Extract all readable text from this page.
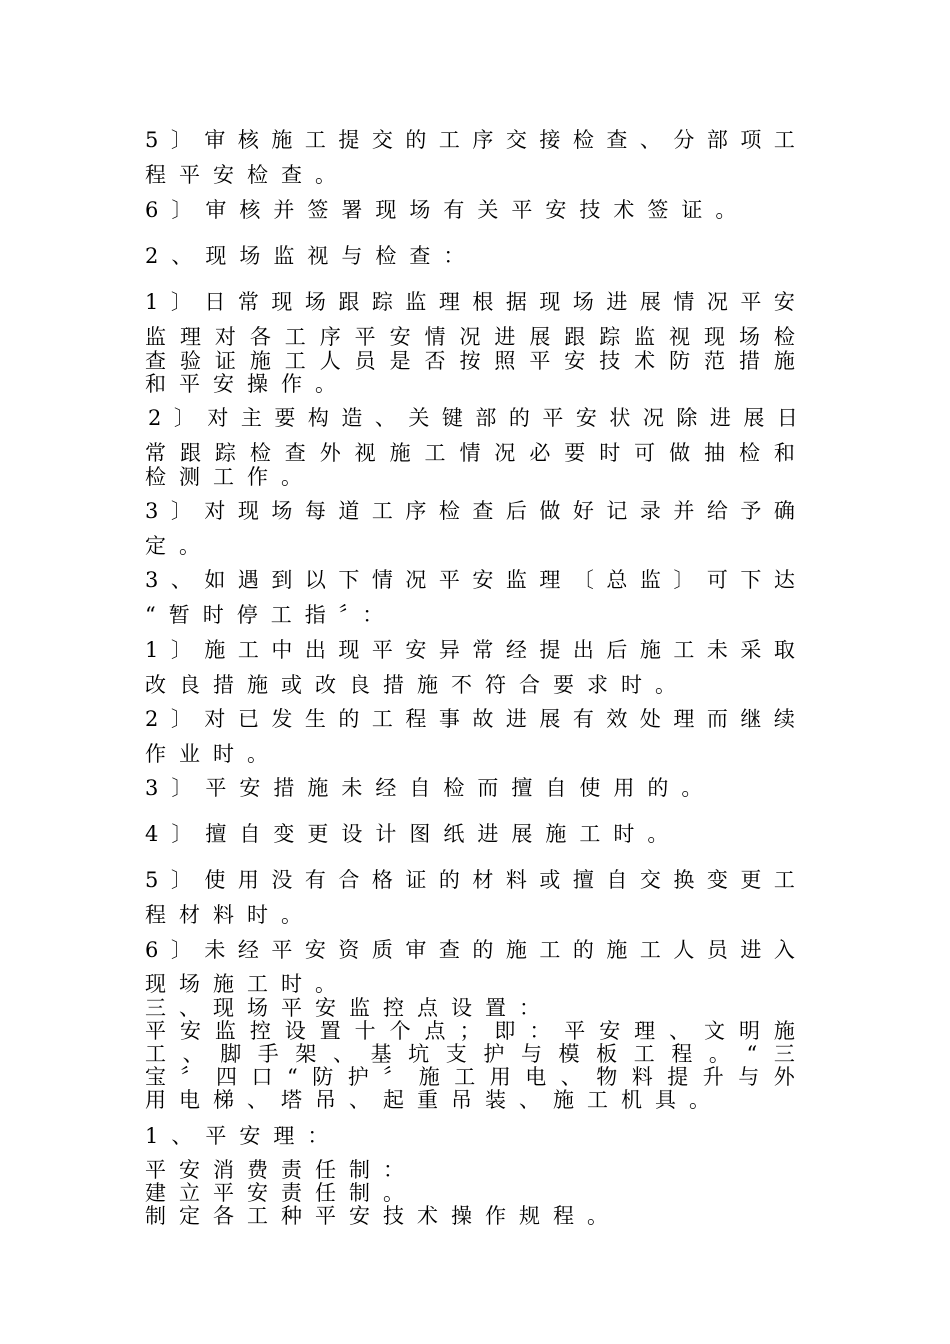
5 〕 审 核 施 工 提 交 的 工 序 交 接 检 查 、 分 部 项 工
程平安检查。
6〕审核并签署现场有关平安技术签证。
2、现场监视与检查：
1 〕 日 常 现 场 跟 踪 监 理 根 据 现 场 进 展 情 况 平 安
监 理 对 各 工 序 平 安 情 况 进 展 跟 踪 监 视 现 场 检
查 验 证 施 工 人 员 是 否 按 照 平 安 技 术 防 范 措 施
和平安操作。
2 〕 对 主 要 构 造 、 关 键 部 的 平 安 状 况 除 进 展 日
常 跟 踪 检 查 外 视 施 工 情 况 必 要 时 可 做 抽 检 和
检测工作。
3 〕 对 现 场 每 道 工 序 检 查 后 做 好 记 录 并 给 予 确
定。
3 、 如 遇 到 以 下 情 况 平 安 监 理 〔 总 监 〕 可 下 达
“暂时停工指〞：
1 〕 施 工 中 出 现 平 安 异 常 经 提 出 后 施 工 未 采 取
改良措施或改良措施不符合要求时。
2 〕 对 已 发 生 的 工 程 事 故 进 展 有 效 处 理 而 继 续
作业时。
3〕平安措施未经自检而擅自使用的。
4〕擅自变更设计图纸进展施工时。
5 〕 使 用 没 有 合 格 证 的 材 料 或 擅 自 交 换 变 更 工
程材料时。
6 〕 未 经 平 安 资 质 审 查 的 施 工 的 施 工 人 员 进 入
现场施工时。
三、现场平安监控点设置：
平 安 监 控 设 置 十 个 点 ； 即 ： 平 安 理 、 文 明 施
工 、 脚 手 架 、 基 坑 支 护 与 模 板 工 程 。 “ 三
宝 〞 四 口 “ 防 护 〞 施 工 用 电 、 物 料 提 升 与 外
用电梯、塔吊、起重吊装、施工机具。
1、平安理：
平安消费责任制：
建立平安责任制。
制定各工种平安技术操作规程。
